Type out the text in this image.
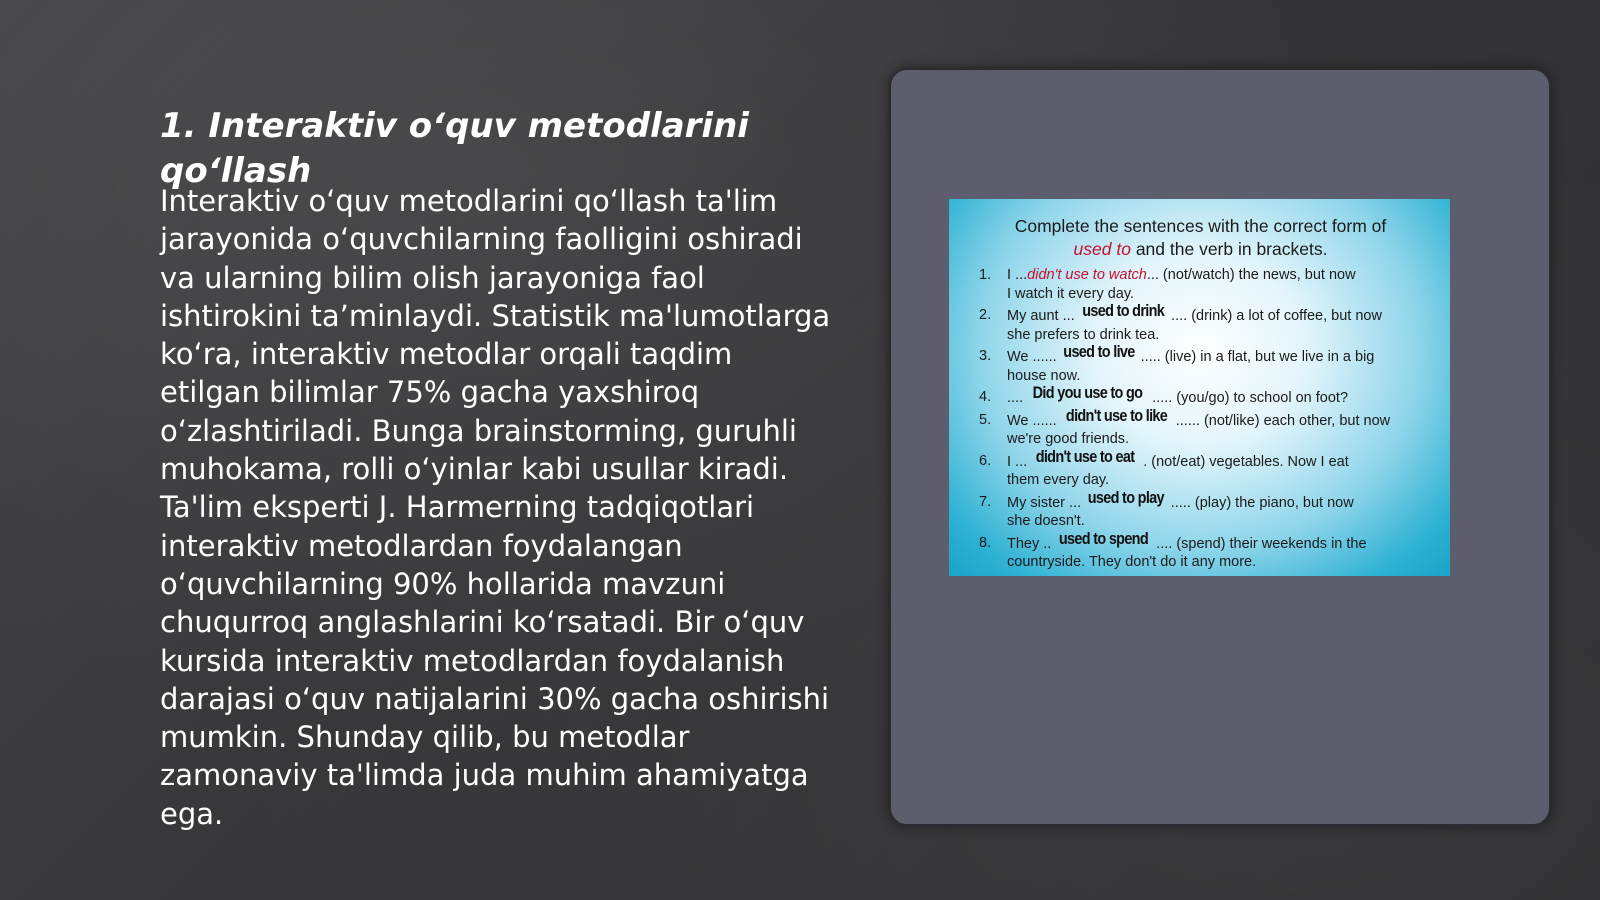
1. Interaktiv o‘quv metodlarini qo‘llash

Interaktiv o‘quv metodlarini qo‘llash ta'lim jarayonida o‘quvchilarning faolligini oshiradi va ularning bilim olish jarayoniga faol ishtirokini ta’minlaydi. Statistik ma'lumotlarga ko‘ra, interaktiv metodlar orqali taqdim etilgan bilimlar 75% gacha yaxshiroq o‘zlashtiriladi. Bunga brainstorming, guruhli muhokama, rolli o‘yinlar kabi usullar kiradi. Ta'lim eksperti J. Harmerning tadqiqotlari interaktiv metodlardan foydalangan o‘quvchilarning 90% hollarida mavzuni chuqurroq anglashlarini ko‘rsatadi. Bir o‘quv kursida interaktiv metodlardan foydalanish darajasi o‘quv natijalarini 30% gacha oshirishi mumkin. Shunday qilib, bu metodlar zamonaviy ta'limda juda muhim ahamiyatga ega.

Complete the sentences with the correct form of
used to and the verb in brackets.

1. I ...didn't use to watch... (not/watch) the news, but now
I watch it every day.
2. My aunt ... used to drink .... (drink) a lot of coffee, but now
she prefers to drink tea.
3. We ...... used to live ..... (live) in a flat, but we live in a big
house now.
4. .... Did you use to go ..... (you/go) to school on foot?
5. We ...... didn't use to like ...... (not/like) each other, but now
we're good friends.
6. I ... didn't use to eat . (not/eat) vegetables. Now I eat
them every day.
7. My sister ... used to play ..... (play) the piano, but now
she doesn't.
8. They .. used to spend .... (spend) their weekends in the
countryside. They don't do it any more.
